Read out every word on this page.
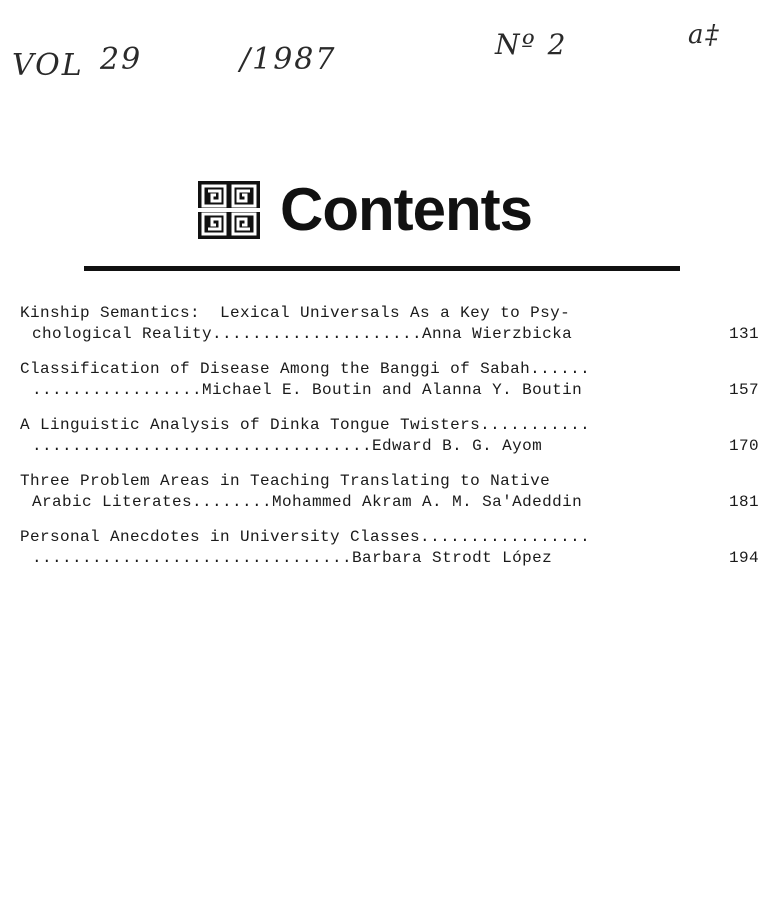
VOL 29	/1987	Nº 2	a‡
Contents
Kinship Semantics:  Lexical Universals As a Key to Psy-
chological Reality.....................Anna Wierzbicka	131
Classification of Disease Among the Banggi of Sabah......
.................Michael E. Boutin and Alanna Y. Boutin	157
A Linguistic Analysis of Dinka Tongue Twisters...........
..................................Edward B. G. Ayom	170
Three Problem Areas in Teaching Translating to Native
Arabic Literates........Mohammed Akram A. M. Sa'Adeddin	181
Personal Anecdotes in University Classes.................
................................Barbara Strodt López	194
